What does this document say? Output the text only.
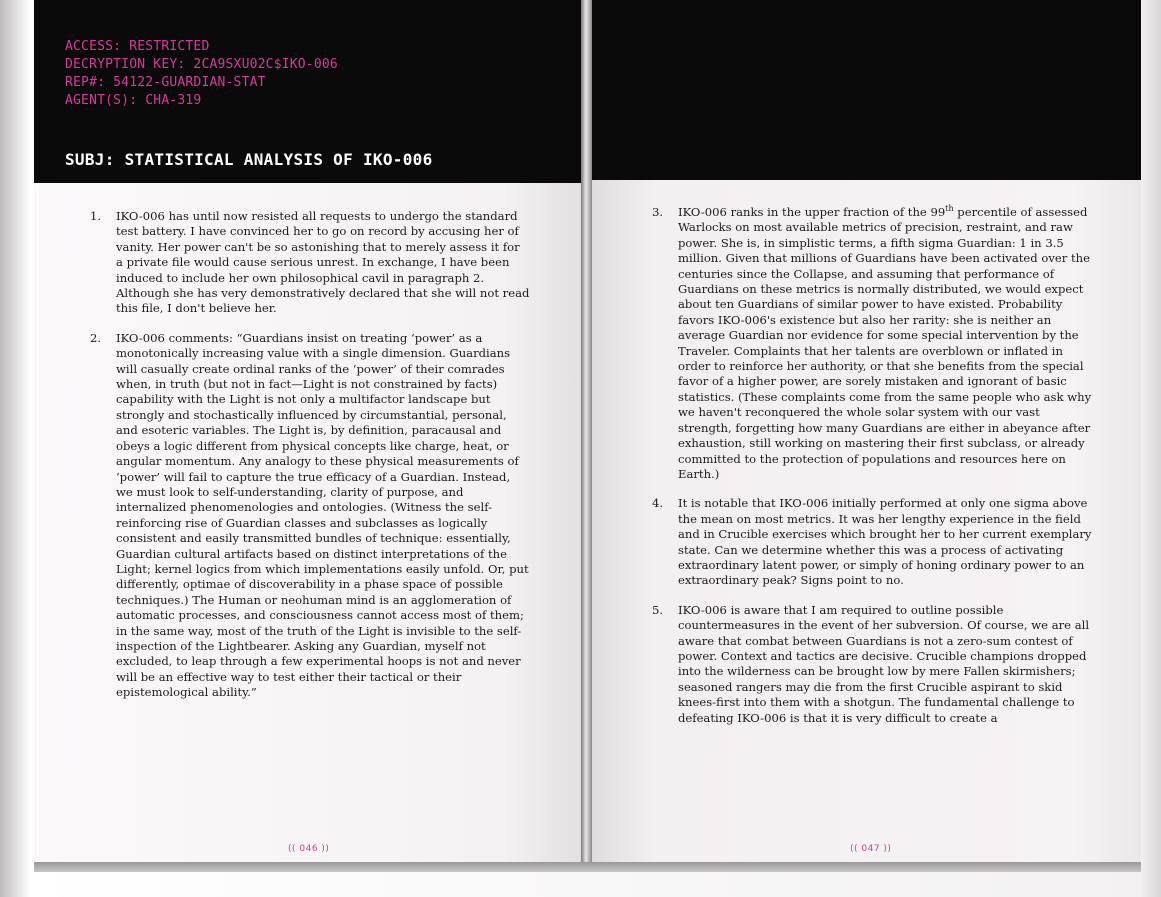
ACCESS: RESTRICTED
DECRYPTION KEY: 2CA9SXU02C$IKO-006
REP#: 54122-GUARDIAN-STAT
AGENT(S): CHA-319
SUBJ: STATISTICAL ANALYSIS OF IKO-006
1. IKO-006 has until now resisted all requests to undergo the standard test battery. I have convinced her to go on record by accusing her of vanity. Her power can't be so astonishing that to merely assess it for a private file would cause serious unrest. In exchange, I have been induced to include her own philosophical cavil in paragraph 2. Although she has very demonstratively declared that she will not read this file, I don't believe her.

2. IKO-006 comments: “Guardians insist on treating ‘power’ as a monotonically increasing value with a single dimension. Guardians will casually create ordinal ranks of the ‘power’ of their comrades when, in truth (but not in fact—Light is not constrained by facts) capability with the Light is not only a multifactor landscape but strongly and stochastically influenced by circumstantial, personal, and esoteric variables. The Light is, by definition, paracausal and obeys a logic different from physical concepts like charge, heat, or angular momentum. Any analogy to these physical measurements of ‘power’ will fail to capture the true efficacy of a Guardian. Instead, we must look to self-understanding, clarity of purpose, and internalized phenomenologies and ontologies. (Witness the self-reinforcing rise of Guardian classes and subclasses as logically consistent and easily transmitted bundles of technique: essentially, Guardian cultural artifacts based on distinct interpretations of the Light; kernel logics from which implementations easily unfold. Or, put differently, optimae of discoverability in a phase space of possible techniques.) The Human or neohuman mind is an agglomeration of automatic processes, and consciousness cannot access most of them; in the same way, most of the truth of the Light is invisible to the self-inspection of the Lightbearer. Asking any Guardian, myself not excluded, to leap through a few experimental hoops is not and never will be an effective way to test either their tactical or their epistemological ability.”

(( 046 ))
3. IKO-006 ranks in the upper fraction of the 99th percentile of assessed Warlocks on most available metrics of precision, restraint, and raw power. She is, in simplistic terms, a fifth sigma Guardian: 1 in 3.5 million. Given that millions of Guardians have been activated over the centuries since the Collapse, and assuming that performance of Guardians on these metrics is normally distributed, we would expect about ten Guardians of similar power to have existed. Probability favors IKO-006's existence but also her rarity: she is neither an average Guardian nor evidence for some special intervention by the Traveler. Complaints that her talents are overblown or inflated in order to reinforce her authority, or that she benefits from the special favor of a higher power, are sorely mistaken and ignorant of basic statistics. (These complaints come from the same people who ask why we haven't reconquered the whole solar system with our vast strength, forgetting how many Guardians are either in abeyance after exhaustion, still working on mastering their first subclass, or already committed to the protection of populations and resources here on Earth.)

4. It is notable that IKO-006 initially performed at only one sigma above the mean on most metrics. It was her lengthy experience in the field and in Crucible exercises which brought her to her current exemplary state. Can we determine whether this was a process of activating extraordinary latent power, or simply of honing ordinary power to an extraordinary peak? Signs point to no.

5. IKO-006 is aware that I am required to outline possible countermeasures in the event of her subversion. Of course, we are all aware that combat between Guardians is not a zero-sum contest of power. Context and tactics are decisive. Crucible champions dropped into the wilderness can be brought low by mere Fallen skirmishers; seasoned rangers may die from the first Crucible aspirant to skid knees-first into them with a shotgun. The fundamental challenge to defeating IKO-006 is that it is very difficult to create a

(( 047 ))
